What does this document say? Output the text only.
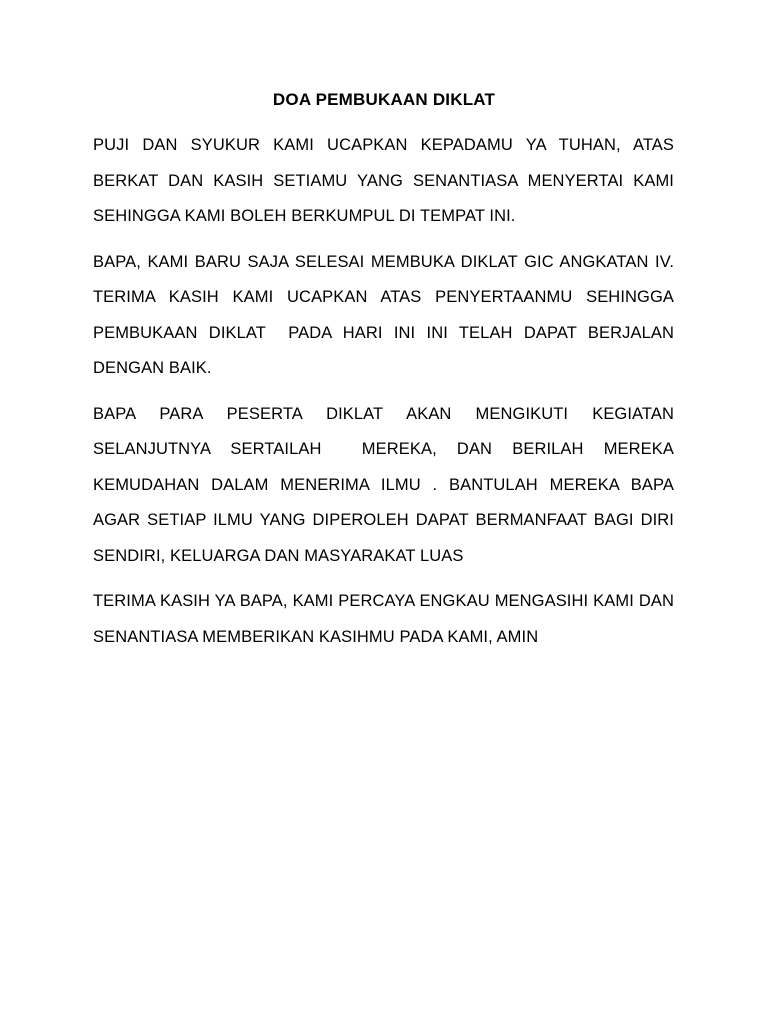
DOA PEMBUKAAN DIKLAT

PUJI DAN SYUKUR KAMI UCAPKAN KEPADAMU YA TUHAN, ATAS BERKAT DAN KASIH SETIAMU YANG SENANTIASA MENYERTAI KAMI SEHINGGA KAMI BOLEH BERKUMPUL DI TEMPAT INI.

BAPA, KAMI BARU SAJA SELESAI MEMBUKA DIKLAT GIC ANGKATAN IV. TERIMA KASIH KAMI UCAPKAN ATAS PENYERTAANMU SEHINGGA PEMBUKAAN DIKLAT  PADA HARI INI INI TELAH DAPAT BERJALAN DENGAN BAIK.

BAPA PARA PESERTA DIKLAT AKAN MENGIKUTI KEGIATAN SELANJUTNYA SERTAILAH  MEREKA, DAN BERILAH MEREKA KEMUDAHAN DALAM MENERIMA ILMU . BANTULAH MEREKA BAPA AGAR SETIAP ILMU YANG DIPEROLEH DAPAT BERMANFAAT BAGI DIRI SENDIRI, KELUARGA DAN MASYARAKAT LUAS

TERIMA KASIH YA BAPA, KAMI PERCAYA ENGKAU MENGASIHI KAMI DAN SENANTIASA MEMBERIKAN KASIHMU PADA KAMI, AMIN
